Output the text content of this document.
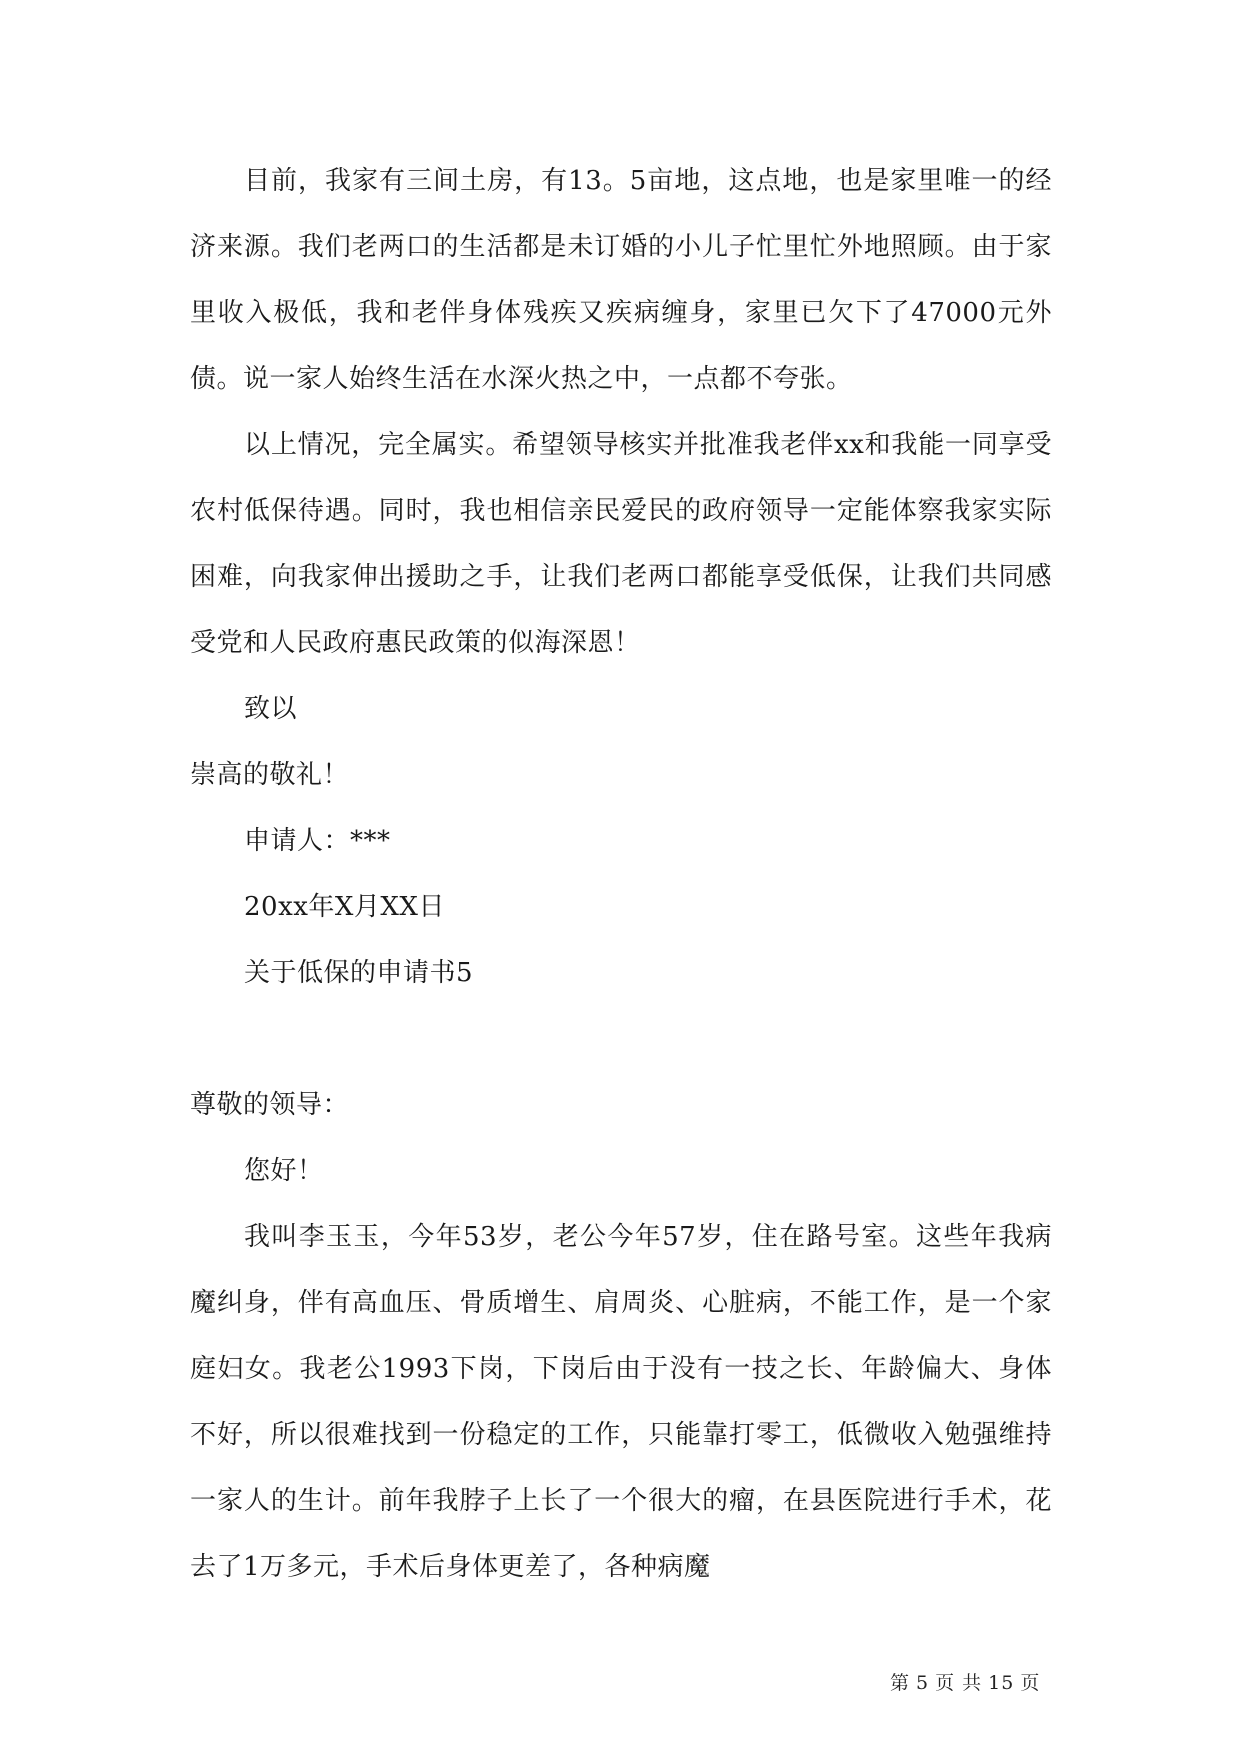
目前，我家有三间土房，有13。5亩地，这点地，也是家里唯一的经济来源。我们老两口的生活都是未订婚的小儿子忙里忙外地照顾。由于家里收入极低，我和老伴身体残疾又疾病缠身，家里已欠下了47000元外债。说一家人始终生活在水深火热之中，一点都不夸张。

以上情况，完全属实。希望领导核实并批准我老伴xx和我能一同享受农村低保待遇。同时，我也相信亲民爱民的政府领导一定能体察我家实际困难，向我家伸出援助之手，让我们老两口都能享受低保，让我们共同感受党和人民政府惠民政策的似海深恩！

致以

崇高的敬礼！

申请人：***

20xx年X月XX日

关于低保的申请书5

尊敬的领导：

您好！

我叫李玉玉，今年53岁，老公今年57岁，住在路号室。这些年我病魔纠身，伴有高血压、骨质增生、肩周炎、心脏病，不能工作，是一个家庭妇女。我老公1993下岗，下岗后由于没有一技之长、年龄偏大、身体不好，所以很难找到一份稳定的工作，只能靠打零工，低微收入勉强维持一家人的生计。前年我脖子上长了一个很大的瘤，在县医院进行手术，花去了1万多元，手术后身体更差了，各种病魔

第 5 页 共 15 页
